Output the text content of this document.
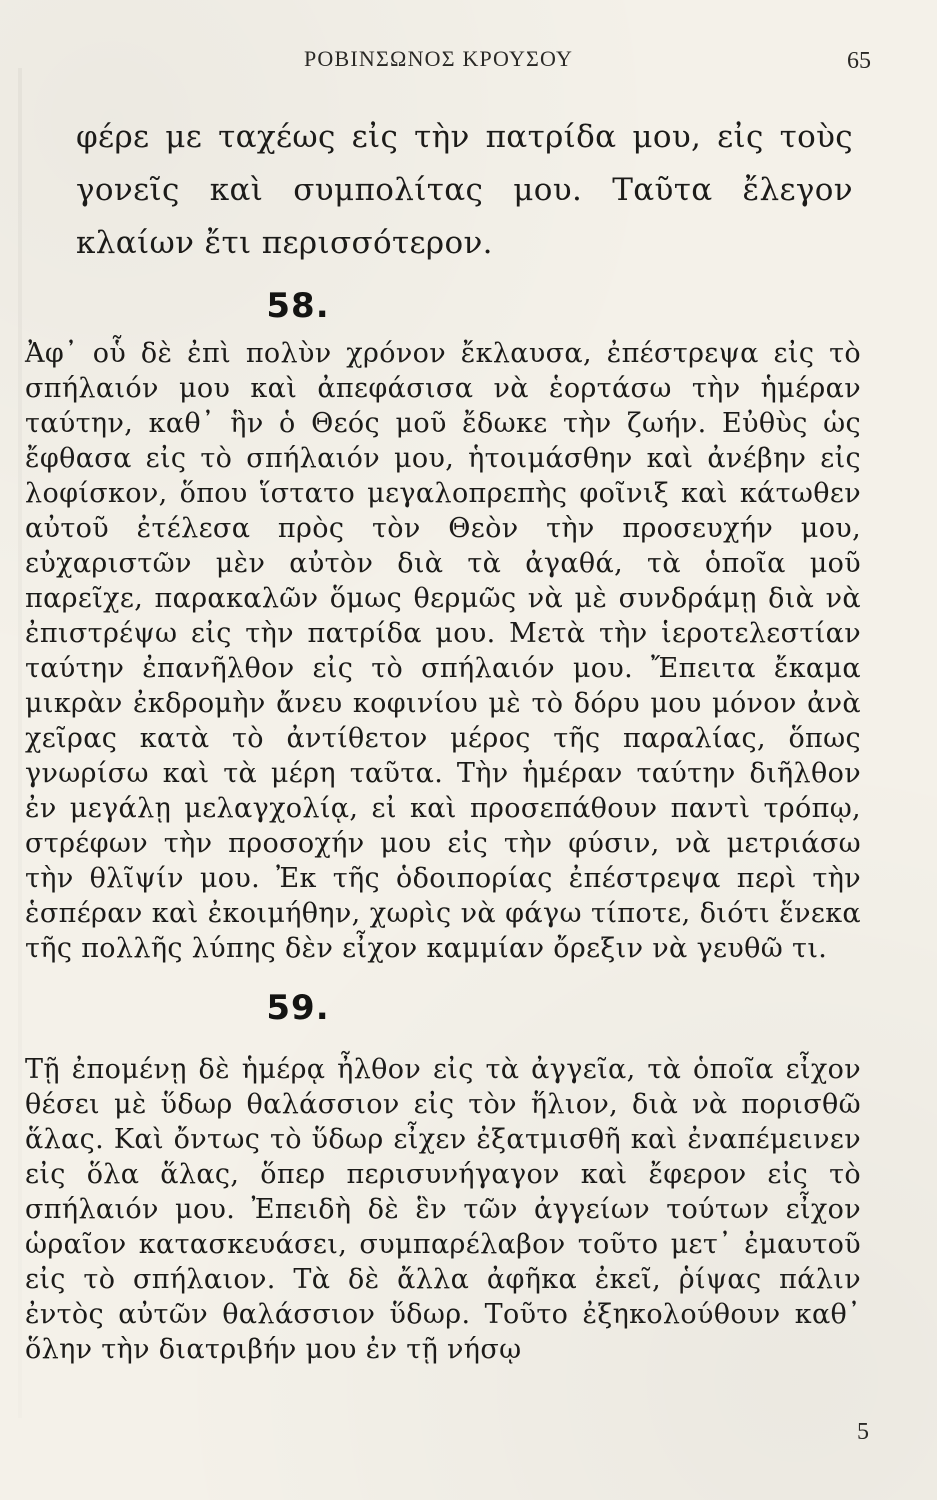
ΡΟΒΙΝΣΩΝΟΣ ΚΡΟΥΣΟΥ	65
φέρε με ταχέως εἰς τὴν πατρίδα μου, εἰς τοὺς γονεῖς καὶ συμπολίτας μου. Ταῦτα ἔλεγον κλαίων ἔτι περισσότερον.
58.
Ἀφ᾽ οὗ δὲ ἐπὶ πολὺν χρόνον ἔκλαυσα, ἐπέστρεψα εἰς τὸ σπήλαιόν μου καὶ ἀπεφάσισα νὰ ἑορτάσω τὴν ἡμέραν ταύτην, καθ᾽ ἣν ὁ Θεός μοῦ ἔδωκε τὴν ζωήν. Εὐθὺς ὡς ἔφθασα εἰς τὸ σπήλαιόν μου, ἡτοιμάσθην καὶ ἀνέβην εἰς λοφίσκον, ὅπου ἵστατο μεγαλοπρεπὴς φοῖνιξ καὶ κάτωθεν αὐτοῦ ἐτέλεσα πρὸς τὸν Θεὸν τὴν προσευχήν μου, εὐχαριστῶν μὲν αὐτὸν διὰ τὰ ἀγαθά, τὰ ὁποῖα μοῦ παρεῖχε, παρακαλῶν ὅμως θερμῶς νὰ μὲ συνδράμῃ διὰ νὰ ἐπιστρέψω εἰς τὴν πατρίδα μου. Μετὰ τὴν ἱεροτελεστίαν ταύτην ἐπανῆλθον εἰς τὸ σπήλαιόν μου. Ἔπειτα ἔκαμα μικρὰν ἐκδρομὴν ἄνευ κοφινίου μὲ τὸ δόρυ μου μόνον ἀνὰ χεῖρας κατὰ τὸ ἀντίθετον μέρος τῆς παραλίας, ὅπως γνωρίσω καὶ τὰ μέρη ταῦτα. Τὴν ἡμέραν ταύτην διῆλθον ἐν μεγάλῃ μελαγχολίᾳ, εἰ καὶ προσεπάθουν παντὶ τρόπῳ, στρέφων τὴν προσοχήν μου εἰς τὴν φύσιν, νὰ μετριάσω τὴν θλῖψίν μου. Ἐκ τῆς ὁδοιπορίας ἐπέστρεψα περὶ τὴν ἑσπέραν καὶ ἐκοιμήθην, χωρὶς νὰ φάγω τίποτε, διότι ἕνεκα τῆς πολλῆς λύπης δὲν εἶχον καμμίαν ὄρεξιν νὰ γευθῶ τι.
59.
Τῇ ἐπομένῃ δὲ ἡμέρᾳ ἦλθον εἰς τὰ ἀγγεῖα, τὰ ὁποῖα εἶχον θέσει μὲ ὕδωρ θαλάσσιον εἰς τὸν ἥλιον, διὰ νὰ πορισθῶ ἅλας. Καὶ ὄντως τὸ ὕδωρ εἶχεν ἐξατμισθῆ καὶ ἐναπέμεινεν εἰς ὅλα ἅλας, ὅπερ περισυνήγαγον καὶ ἔφερον εἰς τὸ σπήλαιόν μου. Ἐπειδὴ δὲ ἓν τῶν ἀγγείων τούτων εἶχον ὡραῖον κατασκευάσει, συμπαρέλαβον τοῦτο μετ᾽ ἐμαυτοῦ εἰς τὸ σπήλαιον. Τὰ δὲ ἄλλα ἀφῆκα ἐκεῖ, ῥίψας πάλιν ἐντὸς αὐτῶν θαλάσσιον ὕδωρ. Τοῦτο ἐξηκολούθουν καθ᾽ ὅλην τὴν διατριβήν μου ἐν τῇ νήσῳ
5
